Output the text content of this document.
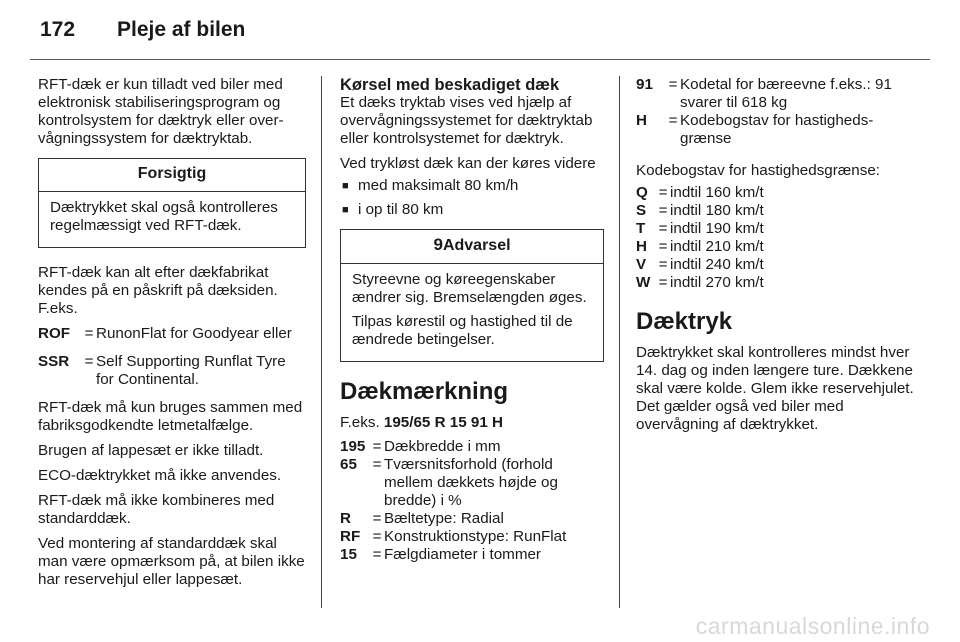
172 Pleje af bilen

RFT-dæk er kun tilladt ved biler med elektronisk stabiliseringsprogram og kontrolsystem for dæktryk eller overvågningssystem for dæktryktab.

Forsigtig

Dæktrykket skal også kontrolleres regelmæssigt ved RFT-dæk.

RFT-dæk kan alt efter dækfabrikat kendes på en påskrift på dæksiden. F.eks.

ROF = RunonFlat for Goodyear eller
SSR	= Self Supporting Runflat Tyre for Continental.

RFT-dæk må kun bruges sammen med fabriksgodkendte letmetalfælge.

Brugen af lappesæt er ikke tilladt.

ECO-dæktrykket må ikke anvendes.

RFT-dæk må ikke kombineres med standarddæk.

Ved montering af standarddæk skal man være opmærksom på, at bilen ikke har reservehjul eller lappesæt.

Kørsel med beskadiget dæk

Et dæks tryktab vises ved hjælp af overvågningssystemet for dæktryktab eller kontrolsystemet for dæktryk.

Ved trykløst dæk kan der køres videre

■ med maksimalt 80 km/h
■ i op til 80 km
9Advarsel

Styreevne og køreegenskaber ændrer sig. Bremselængden øges.

Tilpas kørestil og hastighed til de ændrede betingelser.

Dækmærkning

F.eks. 195/65 R 15 91 H

195 = Dækbredde i mm
65	= Tværsnitsforhold (forhold mellem dækkets højde og bredde) i %
R	= Bæltetype: Radial
RF = Konstruktionstype: RunFlat
15	= Fælgdiameter i tommer
91	= Kodetal for bæreevne f.eks.: 91 svarer til 618 kg
H	= Kodebogstav for hastighedsgrænse

Kodebogstav for hastighedsgrænse:

Q = indtil 160 km/t
S = indtil 180 km/t
T = indtil 190 km/t
H = indtil 210 km/t
V = indtil 240 km/t
W = indtil 270 km/t
Dæktryk

Dæktrykket skal kontrolleres mindst hver 14. dag og inden længere ture. Dækkene skal være kolde. Glem ikke reservehjulet. Det gælder også ved biler med overvågning af dæktrykket.

carmanualsonline.info
